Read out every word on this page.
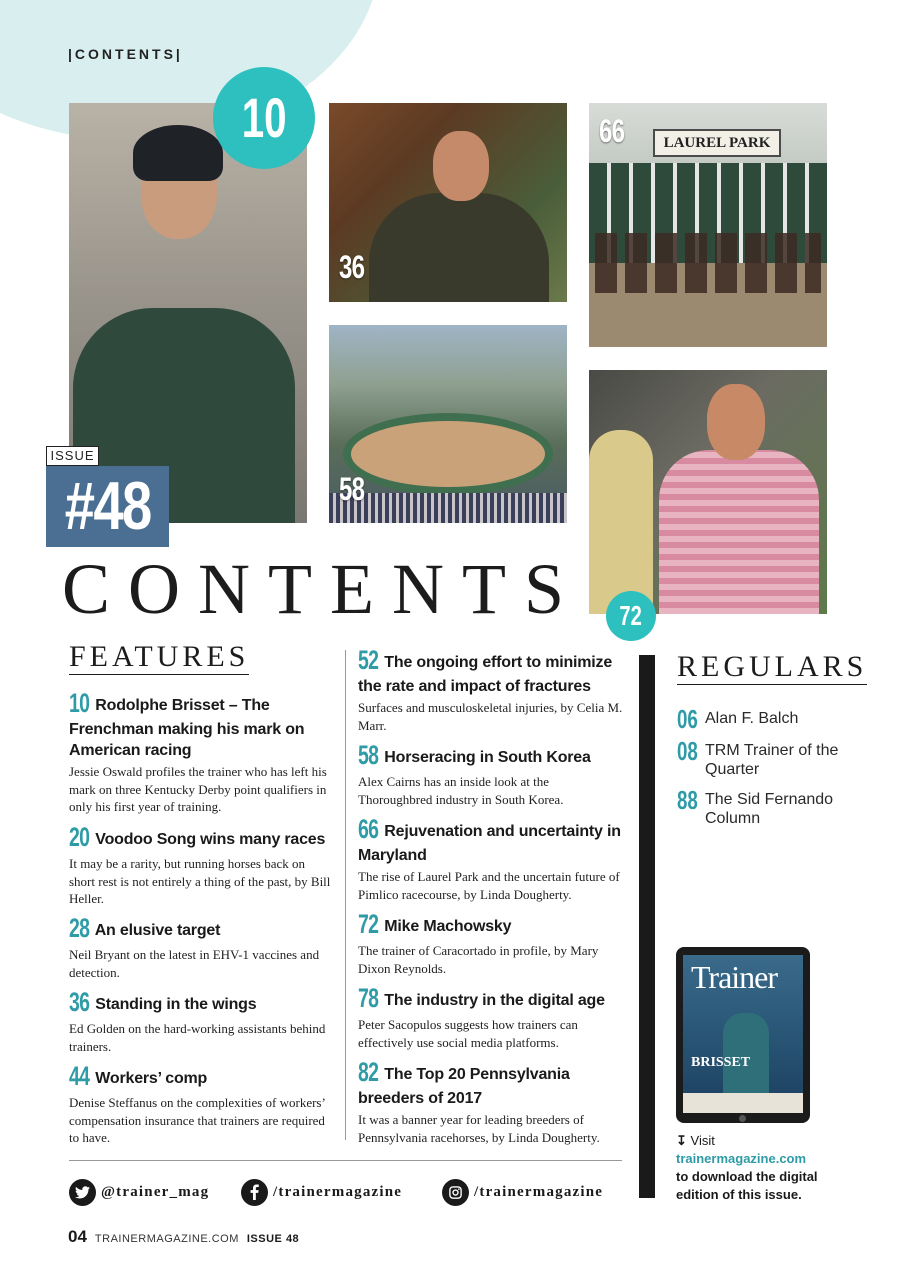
|CONTENTS|
10
36
LAUREL PARK
66
58
72
ISSUE
#48
CONTENTS
FEATURES
10 Rodolphe Brisset – The Frenchman making his mark on American racing
Jessie Oswald profiles the trainer who has left his mark on three Kentucky Derby point qualifiers in only his first year of training.
20 Voodoo Song wins many races
It may be a rarity, but running horses back on short rest is not entirely a thing of the past, by Bill Heller.
28 An elusive target
Neil Bryant on the latest in EHV-1 vaccines and detection.
36 Standing in the wings
Ed Golden on the hard-working assistants behind trainers.
44 Workers’ comp
Denise Steffanus on the complexities of workers’ compensation insurance that trainers are required to have.
52 The ongoing effort to minimize the rate and impact of fractures
Surfaces and musculoskeletal injuries, by Celia M. Marr.
58 Horseracing in South Korea
Alex Cairns has an inside look at the Thoroughbred industry in South Korea.
66 Rejuvenation and uncertainty in Maryland
The rise of Laurel Park and the uncertain future of Pimlico racecourse, by Linda Dougherty.
72 Mike Machowsky
The trainer of Caracortado in profile, by Mary Dixon Reynolds.
78 The industry in the digital age
Peter Sacopulos suggests how trainers can effectively use social media platforms.
82 The Top 20 Pennsylvania breeders of 2017
It was a banner year for leading breeders of Pennsylvania racehorses, by Linda Dougherty.
REGULARS
06 Alan F. Balch
08 TRM Trainer of the Quarter
88 The Sid Fernando Column
Trainer
BRISSET
↧ Visit
trainermagazine.com
to download the digital edition of this issue.
@trainer_mag	/trainermagazine	/trainermagazine
04 TRAINERMAGAZINE.COM ISSUE 48
